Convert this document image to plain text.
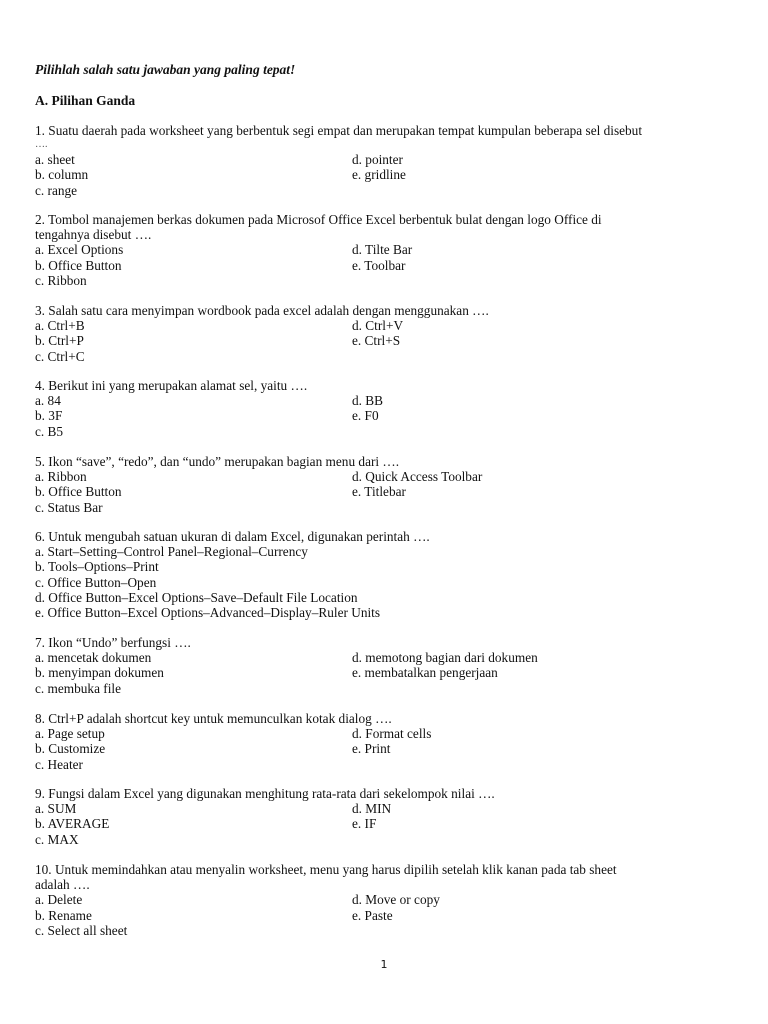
Pilihlah salah satu jawaban yang paling tepat!
A. Pilihan Ganda
1. Suatu daerah pada worksheet yang berbentuk segi empat dan merupakan tempat kumpulan beberapa sel disebut
….
a. sheet	d. pointer
b. column	e. gridline
c. range
2. Tombol manajemen berkas dokumen pada Microsof Office Excel berbentuk bulat dengan logo Office di
tengahnya disebut ….
a. Excel Options	d. Tilte Bar
b. Office Button	e. Toolbar
c. Ribbon
3. Salah satu cara menyimpan wordbook pada excel adalah dengan menggunakan ….
a. Ctrl+B	d. Ctrl+V
b. Ctrl+P	e. Ctrl+S
c. Ctrl+C
4. Berikut ini yang merupakan alamat sel, yaitu ….
a. 84	d. BB
b. 3F	e. F0
c. B5
5. Ikon “save”, “redo”, dan “undo” merupakan bagian menu dari ….
a. Ribbon	d. Quick Access Toolbar
b. Office Button	e. Titlebar
c. Status Bar
6. Untuk mengubah satuan ukuran di dalam Excel, digunakan perintah ….
a. Start–Setting–Control Panel–Regional–Currency
b. Tools–Options–Print
c. Office Button–Open
d. Office Button–Excel Options–Save–Default File Location
e. Office Button–Excel Options–Advanced–Display–Ruler Units
7. Ikon “Undo” berfungsi ….
a. mencetak dokumen	d. memotong bagian dari dokumen
b. menyimpan dokumen	e. membatalkan pengerjaan
c. membuka file
8. Ctrl+P adalah shortcut key untuk memunculkan kotak dialog ….
a. Page setup	d. Format cells
b. Customize	e. Print
c. Heater
9. Fungsi dalam Excel yang digunakan menghitung rata-rata dari sekelompok nilai ….
a. SUM	d. MIN
b. AVERAGE	e. IF
c. MAX
10. Untuk memindahkan atau menyalin worksheet, menu yang harus dipilih setelah klik kanan pada tab sheet
adalah ….
a. Delete	d. Move or copy
b. Rename	e. Paste
c. Select all sheet
1
